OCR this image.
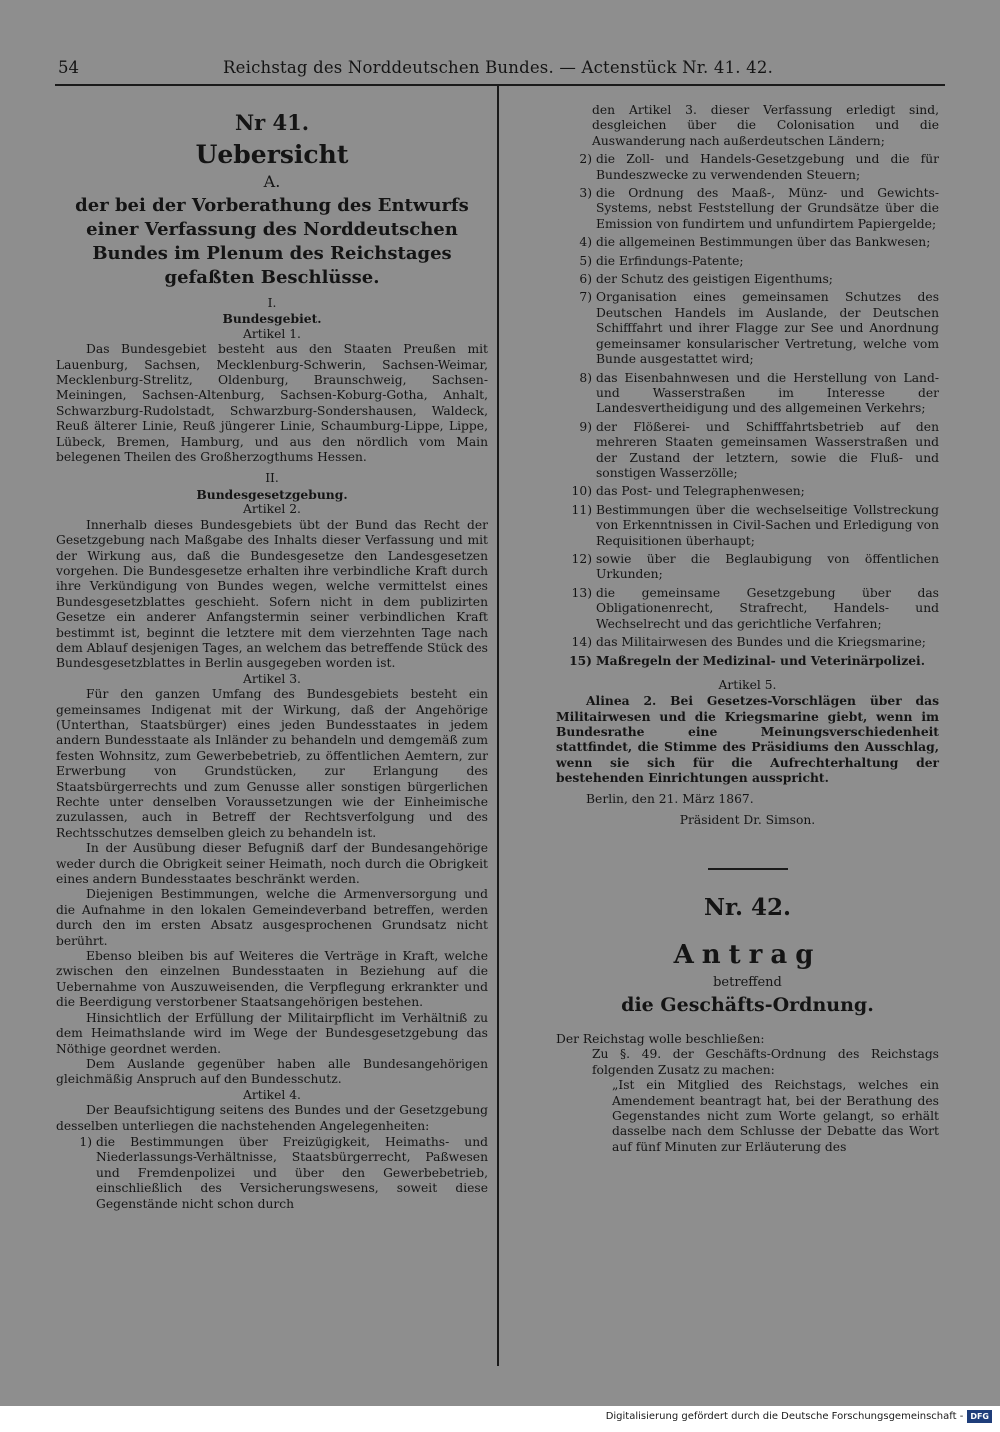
54	Reichstag des Norddeutschen Bundes. — Actenstück Nr. 41. 42.
Nr 41.
Uebersicht
A.
der bei der Vorberathung des Entwurfs einer Verfassung des Norddeutschen Bundes im Plenum des Reichstages gefaßten Beschlüsse.
I.
Bundesgebiet.
Artikel 1.
Das Bundesgebiet besteht aus den Staaten Preußen mit Lauenburg, Sachsen, Mecklenburg-Schwerin, Sachsen-Weimar, Mecklenburg-Strelitz, Oldenburg, Braunschweig, Sachsen-Meiningen, Sachsen-Altenburg, Sachsen-Koburg-Gotha, Anhalt, Schwarzburg-Rudolstadt, Schwarzburg-Sondershausen, Waldeck, Reuß älterer Linie, Reuß jüngerer Linie, Schaumburg-Lippe, Lippe, Lübeck, Bremen, Hamburg, und aus den nördlich vom Main belegenen Theilen des Großherzogthums Hessen.
II.
Bundesgesetzgebung.
Artikel 2.
Innerhalb dieses Bundesgebiets übt der Bund das Recht der Gesetzgebung nach Maßgabe des Inhalts dieser Verfassung und mit der Wirkung aus, daß die Bundesgesetze den Landesgesetzen vorgehen. Die Bundesgesetze erhalten ihre verbindliche Kraft durch ihre Verkündigung von Bundes wegen, welche vermittelst eines Bundesgesetzblattes geschieht. Sofern nicht in dem publizirten Gesetze ein anderer Anfangstermin seiner verbindlichen Kraft bestimmt ist, beginnt die letztere mit dem vierzehnten Tage nach dem Ablauf desjenigen Tages, an welchem das betreffende Stück des Bundesgesetzblattes in Berlin ausgegeben worden ist.
Artikel 3.
Für den ganzen Umfang des Bundesgebiets besteht ein gemeinsames Indigenat mit der Wirkung, daß der Angehörige (Unterthan, Staatsbürger) eines jeden Bundesstaates in jedem andern Bundesstaate als Inländer zu behandeln und demgemäß zum festen Wohnsitz, zum Gewerbebetrieb, zu öffentlichen Aemtern, zur Erwerbung von Grundstücken, zur Erlangung des Staatsbürgerrechts und zum Genusse aller sonstigen bürgerlichen Rechte unter denselben Voraussetzungen wie der Einheimische zuzulassen, auch in Betreff der Rechtsverfolgung und des Rechtsschutzes demselben gleich zu behandeln ist.
In der Ausübung dieser Befugniß darf der Bundesangehörige weder durch die Obrigkeit seiner Heimath, noch durch die Obrigkeit eines andern Bundesstaates beschränkt werden.
Diejenigen Bestimmungen, welche die Armenversorgung und die Aufnahme in den lokalen Gemeindeverband betreffen, werden durch den im ersten Absatz ausgesprochenen Grundsatz nicht berührt.
Ebenso bleiben bis auf Weiteres die Verträge in Kraft, welche zwischen den einzelnen Bundesstaaten in Beziehung auf die Uebernahme von Auszuweisenden, die Verpflegung erkrankter und die Beerdigung verstorbener Staatsangehörigen bestehen.
Hinsichtlich der Erfüllung der Militairpflicht im Verhältniß zu dem Heimathslande wird im Wege der Bundesgesetzgebung das Nöthige geordnet werden.
Dem Auslande gegenüber haben alle Bundesangehörigen gleichmäßig Anspruch auf den Bundesschutz.
Artikel 4.
Der Beaufsichtigung seitens des Bundes und der Gesetzgebung desselben unterliegen die nachstehenden Angelegenheiten:
1) die Bestimmungen über Freizügigkeit, Heimaths- und Niederlassungs-Verhältnisse, Staatsbürgerrecht, Paßwesen und Fremdenpolizei und über den Gewerbebetrieb, einschließlich des Versicherungswesens, soweit diese Gegenstände nicht schon durch
den Artikel 3. dieser Verfassung erledigt sind, desgleichen über die Colonisation und die Auswanderung nach außerdeutschen Ländern;
2) die Zoll- und Handels-Gesetzgebung und die für Bundeszwecke zu verwendenden Steuern;
3) die Ordnung des Maaß-, Münz- und Gewichts-Systems, nebst Feststellung der Grundsätze über die Emission von fundirtem und unfundirtem Papiergelde;
4) die allgemeinen Bestimmungen über das Bankwesen;
5) die Erfindungs-Patente;
6) der Schutz des geistigen Eigenthums;
7) Organisation eines gemeinsamen Schutzes des Deutschen Handels im Auslande, der Deutschen Schifffahrt und ihrer Flagge zur See und Anordnung gemeinsamer konsularischer Vertretung, welche vom Bunde ausgestattet wird;
8) das Eisenbahnwesen und die Herstellung von Land- und Wasserstraßen im Interesse der Landesvertheidigung und des allgemeinen Verkehrs;
9) der Flößerei- und Schifffahrtsbetrieb auf den mehreren Staaten gemeinsamen Wasserstraßen und der Zustand der letztern, sowie die Fluß- und sonstigen Wasserzölle;
10) das Post- und Telegraphenwesen;
11) Bestimmungen über die wechselseitige Vollstreckung von Erkenntnissen in Civil-Sachen und Erledigung von Requisitionen überhaupt;
12) sowie über die Beglaubigung von öffentlichen Urkunden;
13) die gemeinsame Gesetzgebung über das Obligationenrecht, Strafrecht, Handels- und Wechselrecht und das gerichtliche Verfahren;
14) das Militairwesen des Bundes und die Kriegsmarine;
15) Maßregeln der Medizinal- und Veterinärpolizei.
Artikel 5.
Alinea 2. Bei Gesetzes-Vorschlägen über das Militairwesen und die Kriegsmarine giebt, wenn im Bundesrathe eine Meinungsverschiedenheit stattfindet, die Stimme des Präsidiums den Ausschlag, wenn sie sich für die Aufrechterhaltung der bestehenden Einrichtungen ausspricht.
Berlin, den 21. März 1867.
Präsident Dr. Simson.
Nr. 42.
Antrag
betreffend
die Geschäfts-Ordnung.
Der Reichstag wolle beschließen:
Zu §. 49. der Geschäfts-Ordnung des Reichstags folgenden Zusatz zu machen:
„Ist ein Mitglied des Reichstags, welches ein Amendement beantragt hat, bei der Berathung des Gegenstandes nicht zum Worte gelangt, so erhält dasselbe nach dem Schlusse der Debatte das Wort auf fünf Minuten zur Erläuterung des
Digitalisierung gefördert durch die Deutsche Forschungsgemeinschaft - DFG
